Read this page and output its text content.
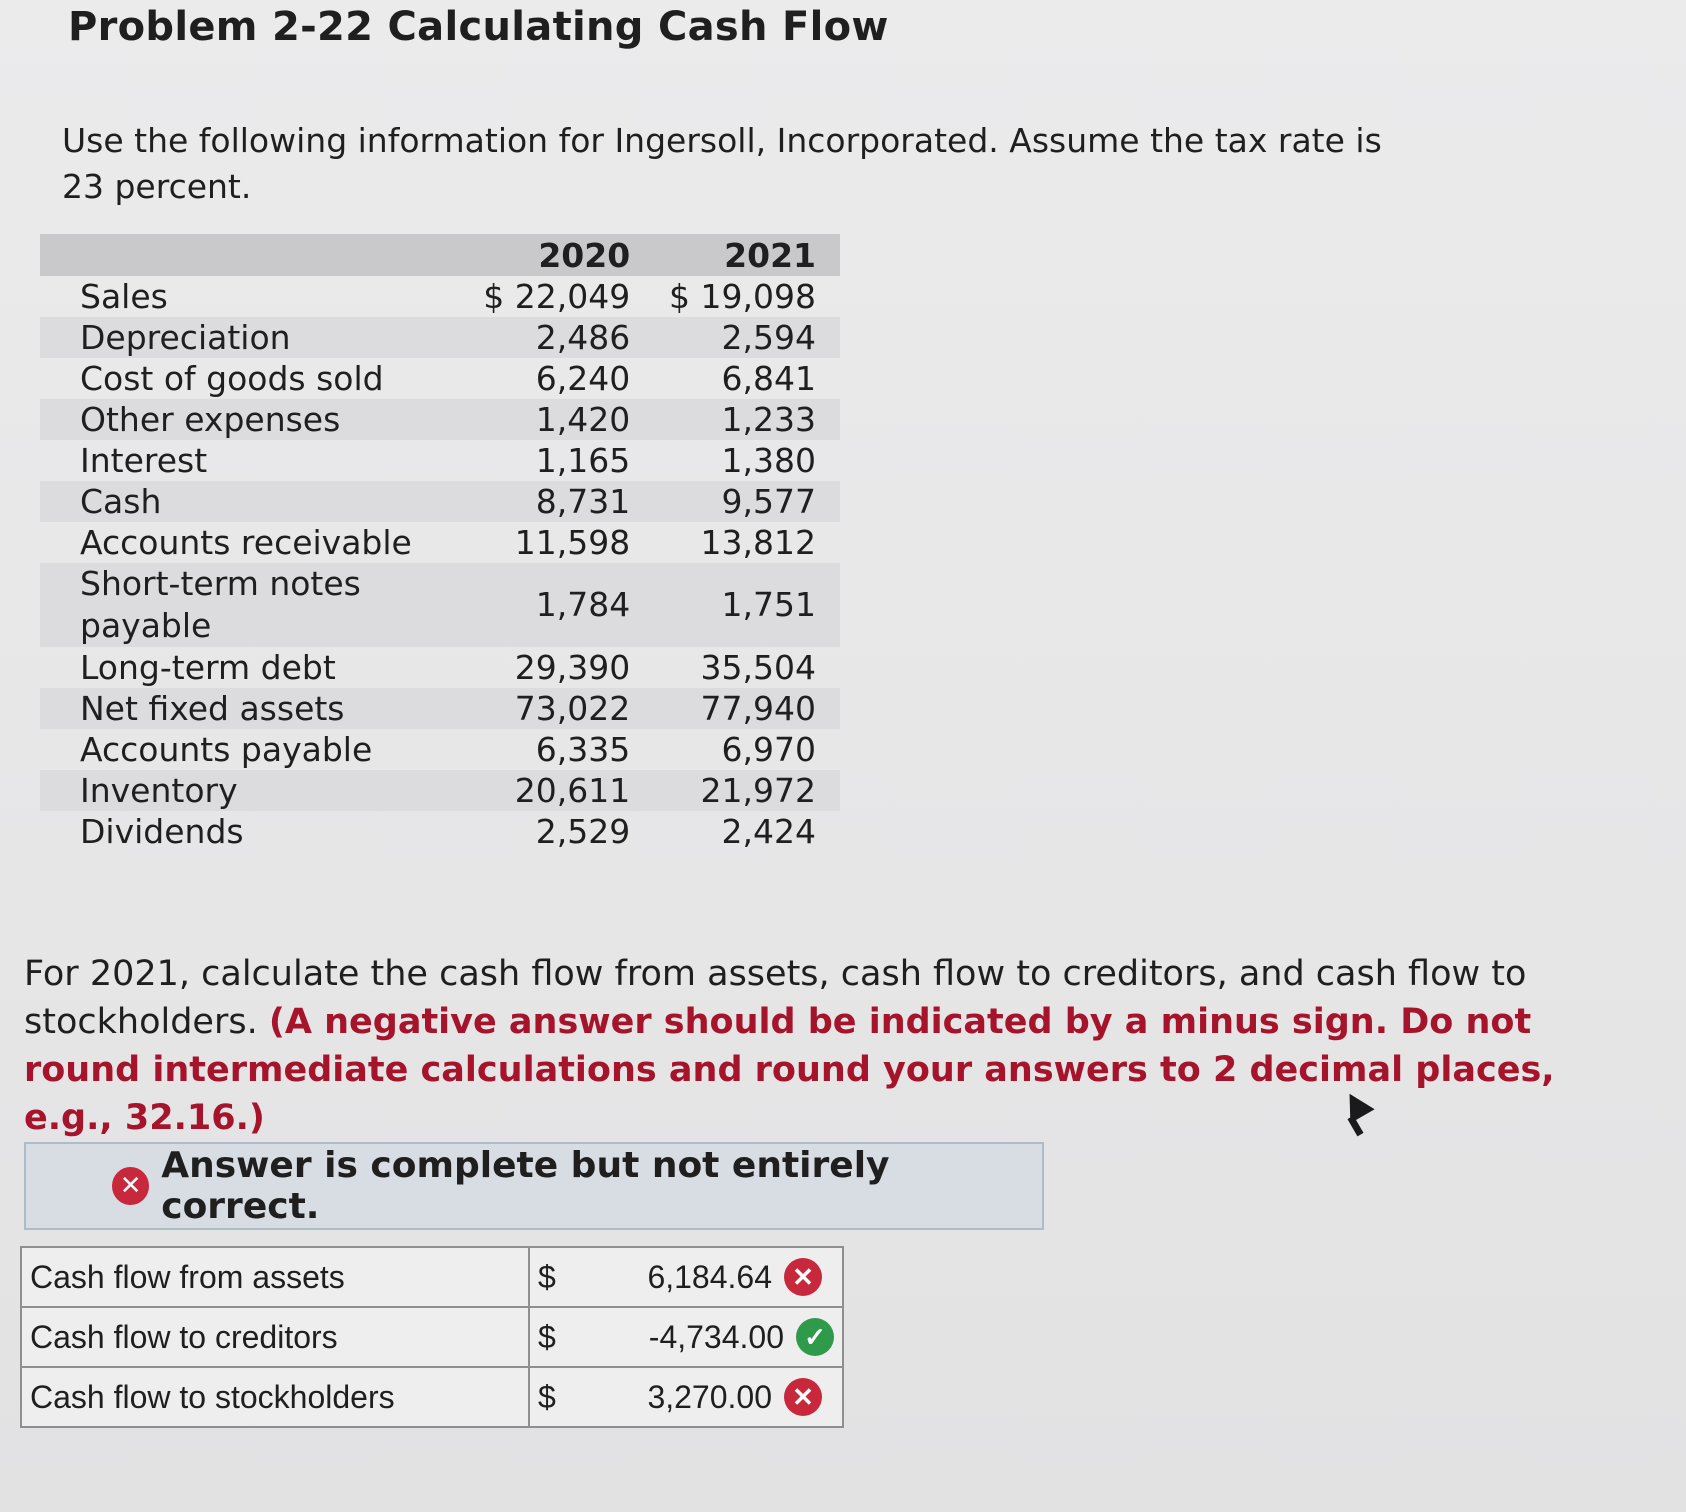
Problem 2-22 Calculating Cash Flow
Use the following information for Ingersoll, Incorporated. Assume the tax rate is 23 percent.
	2020	2021
Sales	$ 22,049	$ 19,098
Depreciation	2,486	2,594
Cost of goods sold	6,240	6,841
Other expenses	1,420	1,233
Interest	1,165	1,380
Cash	8,731	9,577
Accounts receivable	11,598	13,812
Short-term notes payable	1,784	1,751
Long-term debt	29,390	35,504
Net fixed assets	73,022	77,940
Accounts payable	6,335	6,970
Inventory	20,611	21,972
Dividends	2,529	2,424
For 2021, calculate the cash flow from assets, cash flow to creditors, and cash flow to stockholders. (A negative answer should be indicated by a minus sign. Do not round intermediate calculations and round your answers to 2 decimal places, e.g., 32.16.)
✕ Answer is complete but not entirely correct.
Cash flow from assets	$ 6,184.64 ✕

Cash flow to creditors	$ -4,734.00 ✓

Cash flow to stockholders	$ 3,270.00 ✕
